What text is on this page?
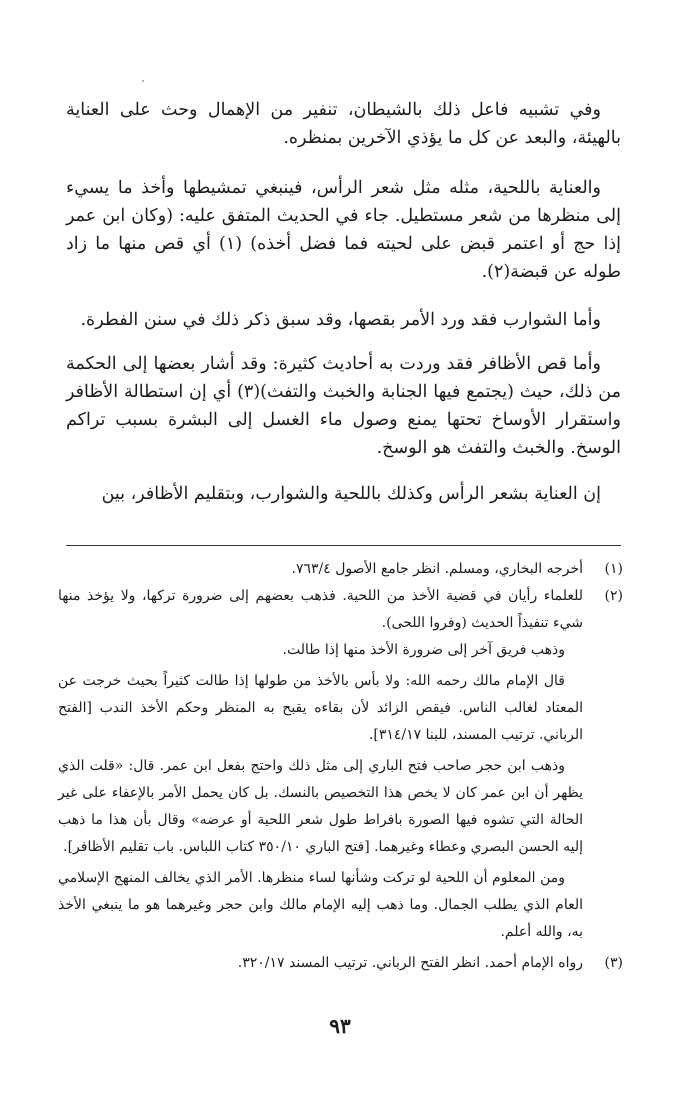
وفي تشبيه فاعل ذلك بالشيطان، تنفير من الإهمال وحث على العناية بالهيئة، والبعد عن كل ما يؤذي الآخرين بمنظره.

والعناية باللحية، مثله مثل شعر الرأس، فينبغي تمشيطها وأخذ ما يسيء إلى منظرها من شعر مستطيل. جاء في الحديث المتفق عليه: (وكان ابن عمر إذا حج أو اعتمر قبض على لحيته فما فضل أخذه) (١) أي قص منها ما زاد طوله عن قبضة(٢).

وأما الشوارب فقد ورد الأمر بقصها، وقد سبق ذكر ذلك في سنن الفطرة.

وأما قص الأظافر فقد وردت به أحاديث كثيرة: وقد أشار بعضها إلى الحكمة من ذلك، حيث (يجتمع فيها الجنابة والخبث والتفث)(٣) أي إن استطالة الأظافر واستقرار الأوساخ تحتها يمنع وصول ماء الغسل إلى البشرة بسبب تراكم الوسخ. والخبث والتفث هو الوسخ.

إن العناية بشعر الرأس وكذلك باللحية والشوارب، وبتقليم الأظافر، بين

(١)
أخرجه البخاري، ومسلم. انظر جامع الأصول ٧٦٣/٤.
(٢)
للعلماء رأيان في قضية الأخذ من اللحية. فذهب بعضهم إلى ضرورة تركها، ولا يؤخذ منها شيء تنفيذاً الحديث (وفروا اللحى).

وذهب فريق آخر إلى ضرورة الأخذ منها إذا طالت.

قال الإمام مالك رحمه الله: ولا بأس بالأخذ من طولها إذا طالت كثيراً بحيث خرجت عن المعتاد لغالب الناس. فيقص الزائد لأن بقاءه يقبح به المنظر وحكم الأخذ الندب [الفتح الرباني. ترتيب المسند، للبنا ٣١٤/١٧].

وذهب ابن حجر صاحب فتح الباري إلى مثل ذلك واحتج بفعل ابن عمر. قال: «قلت الذي يظهر أن ابن عمر كان لا يخص هذا التخصيص بالنسك. بل كان يحمل الأمر بالإعفاء على غير الحالة التي تشوه فيها الصورة بافراط طول شعر اللحية أو عرضه» وقال بأن هذا ما ذهب إليه الحسن البصري وعطاء وغيرهما. [فتح الباري ٣٥٠/١٠ كتاب اللباس. باب تقليم الأظافر].

ومن المعلوم أن اللحية لو تركت وشأنها لساء منظرها. الأمر الذي يخالف المنهج الإسلامي العام الذي يطلب الجمال. وما ذهب إليه الإمام مالك وابن حجر وغيرهما هو ما ينبغي الأخذ به، والله أعلم.

(٣)
رواه الإمام أحمد. انظر الفتح الرباني. ترتيب المسند ٣٢٠/١٧.
٩٣
